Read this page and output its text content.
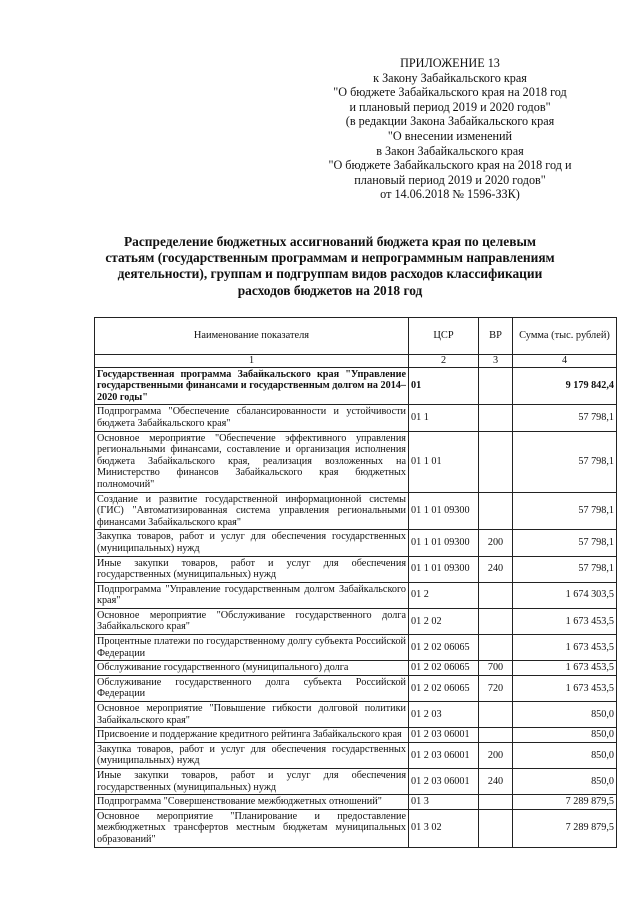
ПРИЛОЖЕНИЕ 13
к Закону Забайкальского края
"О бюджете Забайкальского края на 2018 год
и плановый период 2019 и 2020 годов"
(в редакции Закона Забайкальского края
"О внесении изменений
в Закон Забайкальского края
"О бюджете Забайкальского края на 2018 год и
плановый период 2019 и 2020 годов"
от 14.06.2018 № 1596-ЗЗК)
Распределение бюджетных ассигнований бюджета края по целевым
статьям (государственным программам и непрограммным направлениям
деятельности), группам и подгруппам видов расходов классификации
расходов бюджетов на 2018 год
Наименование показателя	ЦСР	ВР	Сумма (тыс. рублей)
1	2	3	4
Государственная программа Забайкальского края "Управление государственными финансами и государственным долгом на 2014–2020 годы"	01		9 179 842,4
Подпрограмма "Обеспечение сбалансированности и устойчивости бюджета Забайкальского края"	01 1		57 798,1
Основное мероприятие "Обеспечение эффективного управления региональными финансами, составление и организация исполнения бюджета Забайкальского края, реализация возложенных на Министерство финансов Забайкальского края бюджетных полномочий"	01 1 01		57 798,1
Создание и развитие государственной информационной системы (ГИС) "Автоматизированная система управления региональными финансами Забайкальского края"	01 1 01 09300		57 798,1
Закупка товаров, работ и услуг для обеспечения государственных (муниципальных) нужд	01 1 01 09300	200	57 798,1
Иные закупки товаров, работ и услуг для обеспечения государственных (муниципальных) нужд	01 1 01 09300	240	57 798,1
Подпрограмма "Управление государственным долгом Забайкальского края"	01 2		1 674 303,5
Основное мероприятие "Обслуживание государственного долга Забайкальского края"	01 2 02		1 673 453,5
Процентные платежи по государственному долгу субъекта Российской Федерации	01 2 02 06065		1 673 453,5
Обслуживание государственного (муниципального) долга	01 2 02 06065	700	1 673 453,5
Обслуживание государственного долга субъекта Российской Федерации	01 2 02 06065	720	1 673 453,5
Основное мероприятие "Повышение гибкости долговой политики Забайкальского края"	01 2 03		850,0
Присвоение и поддержание кредитного рейтинга Забайкальского края	01 2 03 06001		850,0
Закупка товаров, работ и услуг для обеспечения государственных (муниципальных) нужд	01 2 03 06001	200	850,0
Иные закупки товаров, работ и услуг для обеспечения государственных (муниципальных) нужд	01 2 03 06001	240	850,0
Подпрограмма "Совершенствование межбюджетных отношений"	01 3		7 289 879,5
Основное мероприятие "Планирование и предоставление межбюджетных трансфертов местным бюджетам муниципальных образований"	01 3 02		7 289 879,5
